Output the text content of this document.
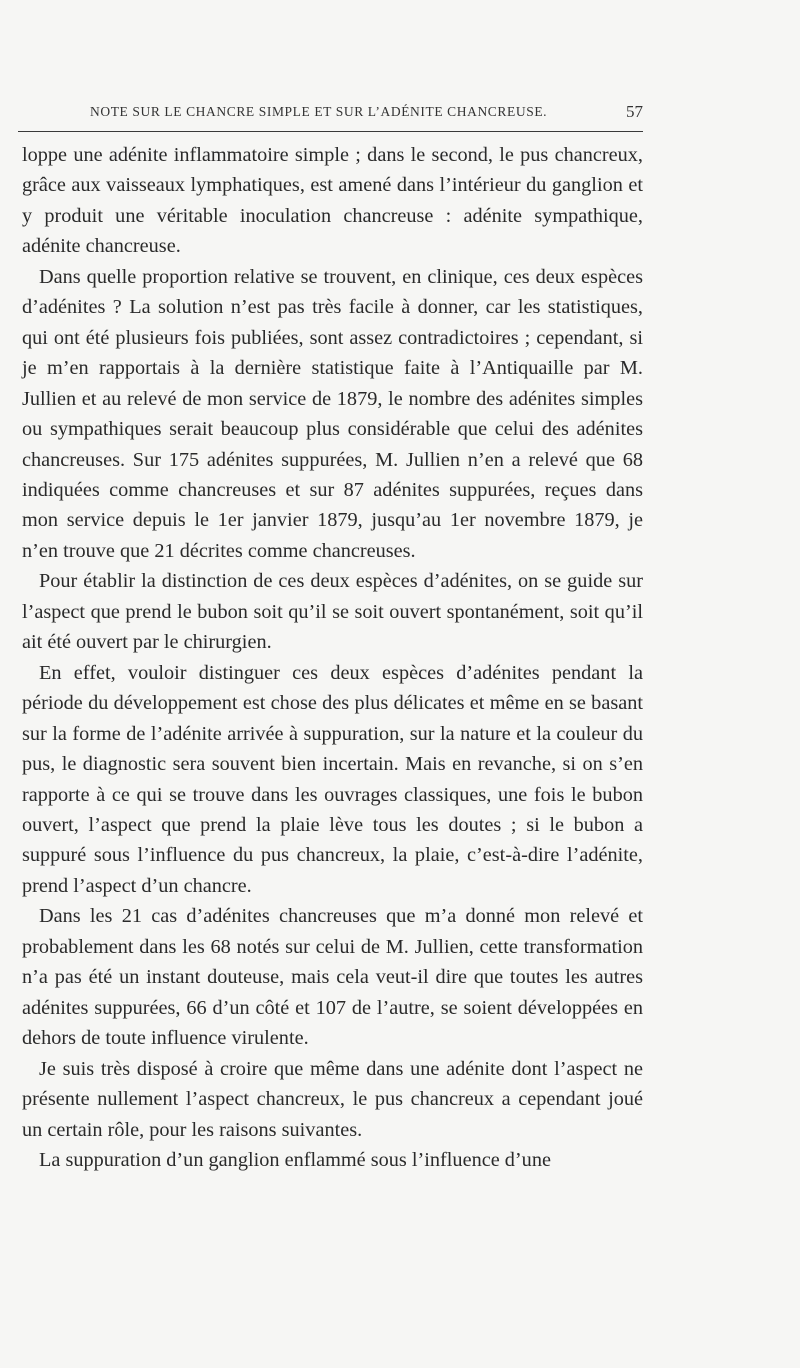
NOTE SUR LE CHANCRE SIMPLE ET SUR L’ADÉNITE CHANCREUSE.	57

loppe une adénite inflammatoire simple ; dans le second, le pus chancreux, grâce aux vaisseaux lymphatiques, est amené dans l’intérieur du ganglion et y produit une véritable inoculation chancreuse : adénite sympathique, adénite chancreuse.

Dans quelle proportion relative se trouvent, en clinique, ces deux espèces d’adénites ? La solution n’est pas très facile à donner, car les statistiques, qui ont été plusieurs fois publiées, sont assez contradictoires ; cependant, si je m’en rapportais à la dernière statistique faite à l’Antiquaille par M. Jullien et au relevé de mon service de 1879, le nombre des adénites simples ou sympathiques serait beaucoup plus considérable que celui des adénites chancreuses. Sur 175 adénites suppurées, M. Jullien n’en a relevé que 68 indiquées comme chancreuses et sur 87 adénites suppurées, reçues dans mon service depuis le 1er janvier 1879, jusqu’au 1er novembre 1879, je n’en trouve que 21 décrites comme chancreuses.

Pour établir la distinction de ces deux espèces d’adénites, on se guide sur l’aspect que prend le bubon soit qu’il se soit ouvert spontanément, soit qu’il ait été ouvert par le chirurgien.

En effet, vouloir distinguer ces deux espèces d’adénites pendant la période du développement est chose des plus délicates et même en se basant sur la forme de l’adénite arrivée à suppuration, sur la nature et la couleur du pus, le diagnostic sera souvent bien incertain. Mais en revanche, si on s’en rapporte à ce qui se trouve dans les ouvrages classiques, une fois le bubon ouvert, l’aspect que prend la plaie lève tous les doutes ; si le bubon a suppuré sous l’influence du pus chancreux, la plaie, c’est-à-dire l’adénite, prend l’aspect d’un chancre.

Dans les 21 cas d’adénites chancreuses que m’a donné mon relevé et probablement dans les 68 notés sur celui de M. Jullien, cette transformation n’a pas été un instant douteuse, mais cela veut-il dire que toutes les autres adénites suppurées, 66 d’un côté et 107 de l’autre, se soient développées en dehors de toute influence virulente.

Je suis très disposé à croire que même dans une adénite dont l’aspect ne présente nullement l’aspect chancreux, le pus chancreux a cependant joué un certain rôle, pour les raisons suivantes.

La suppuration d’un ganglion enflammé sous l’influence d’une
